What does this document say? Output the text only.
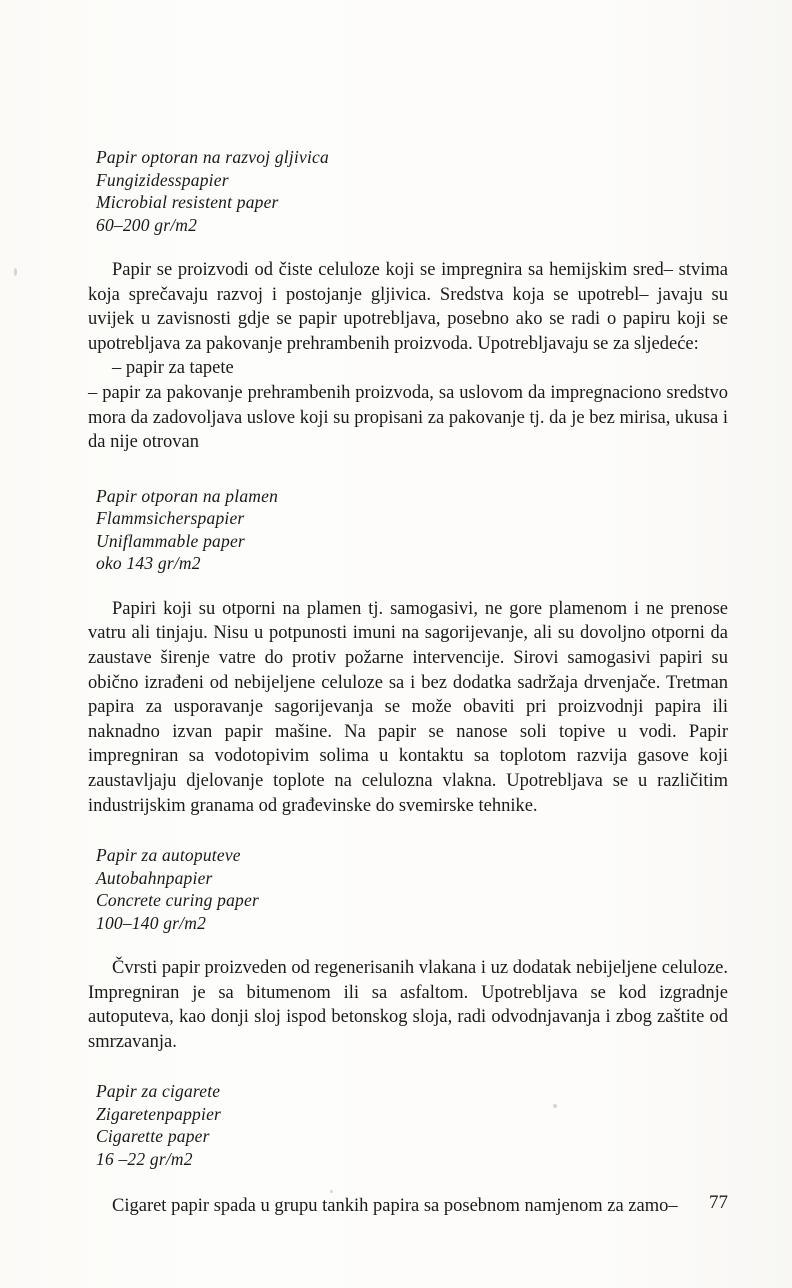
Papir optoran na razvoj gljivica
Fungizidesspapier
Microbial resistent paper
60–200 gr/m2

Papir se proizvodi od čiste celuloze koji se impregnira sa hemijskim sred– stvima koja sprečavaju razvoj i postojanje gljivica. Sredstva koja se upotrebl– javaju su uvijek u zavisnosti gdje se papir upotrebljava, posebno ako se radi o papiru koji se upotrebljava za pakovanje prehrambenih proizvoda. Upotrebljavaju se za sljedeće:

– papir za tapete

– papir za pakovanje prehrambenih proizvoda, sa uslovom da impregnaciono sredstvo mora da zadovoljava uslove koji su propisani za pakovanje tj. da je bez mirisa, ukusa i da nije otrovan

Papir otporan na plamen
Flammsicherspapier
Uniflammable paper
oko 143 gr/m2

Papiri koji su otporni na plamen tj. samogasivi, ne gore plamenom i ne prenose vatru ali tinjaju. Nisu u potpunosti imuni na sagorijevanje, ali su dovoljno otporni da zaustave širenje vatre do protiv požarne intervencije. Sirovi samogasivi papiri su obično izrađeni od nebijeljene celuloze sa i bez dodatka sadržaja drvenjače. Tretman papira za usporavanje sagorijevanja se može obaviti pri proizvodnji papira ili naknadno izvan papir mašine. Na papir se nanose soli topive u vodi. Papir impregniran sa vodotopivim solima u kontaktu sa toplotom razvija gasove koji zaustavljaju djelovanje toplote na celulozna vlakna. Upotrebljava se u različitim industrijskim granama od građevinske do svemirske tehnike.

Papir za autoputeve
Autobahnpapier
Concrete curing paper
100–140 gr/m2

Čvrsti papir proizveden od regenerisanih vlakana i uz dodatak nebijeljene celuloze. Impregniran je sa bitumenom ili sa asfaltom. Upotrebljava se kod izgradnje autoputeva, kao donji sloj ispod betonskog sloja, radi odvodnjavanja i zbog zaštite od smrzavanja.

Papir za cigarete
Zigaretenpappier
Cigarette paper
16 –22 gr/m2

Cigaret papir spada u grupu tankih papira sa posebnom namjenom za zamo–	77
